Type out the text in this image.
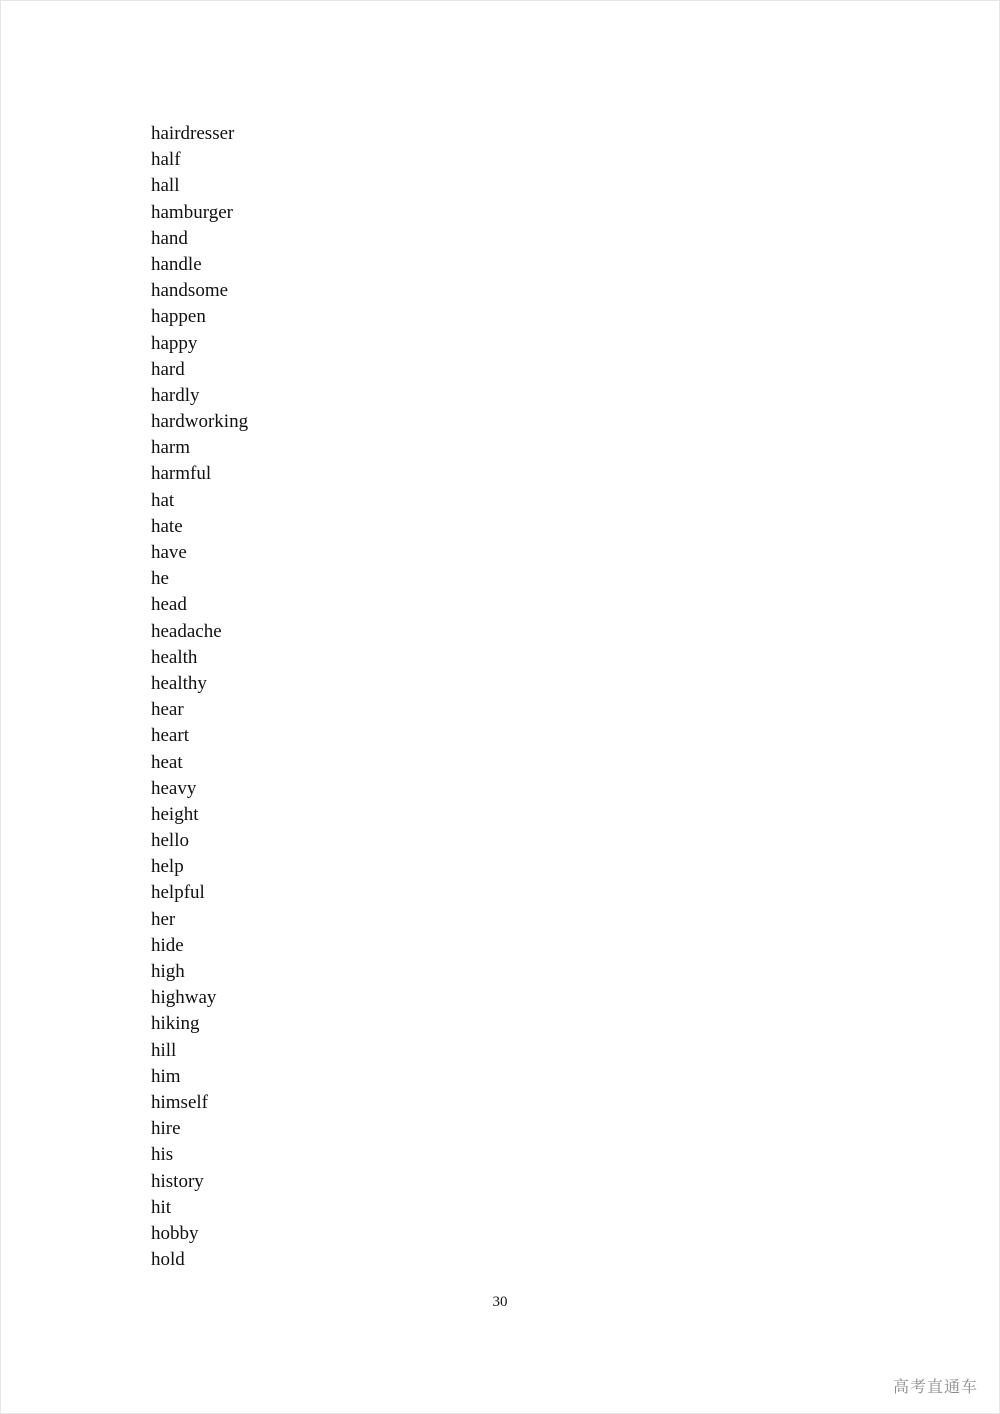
hairdresser
half
hall
hamburger
hand
handle
handsome
happen
happy
hard
hardly
hardworking
harm
harmful
hat
hate
have
he
head
headache
health
healthy
hear
heart
heat
heavy
height
hello
help
helpful
her
hide
high
highway
hiking
hill
him
himself
hire
his
history
hit
hobby
hold
30
高考直通车
